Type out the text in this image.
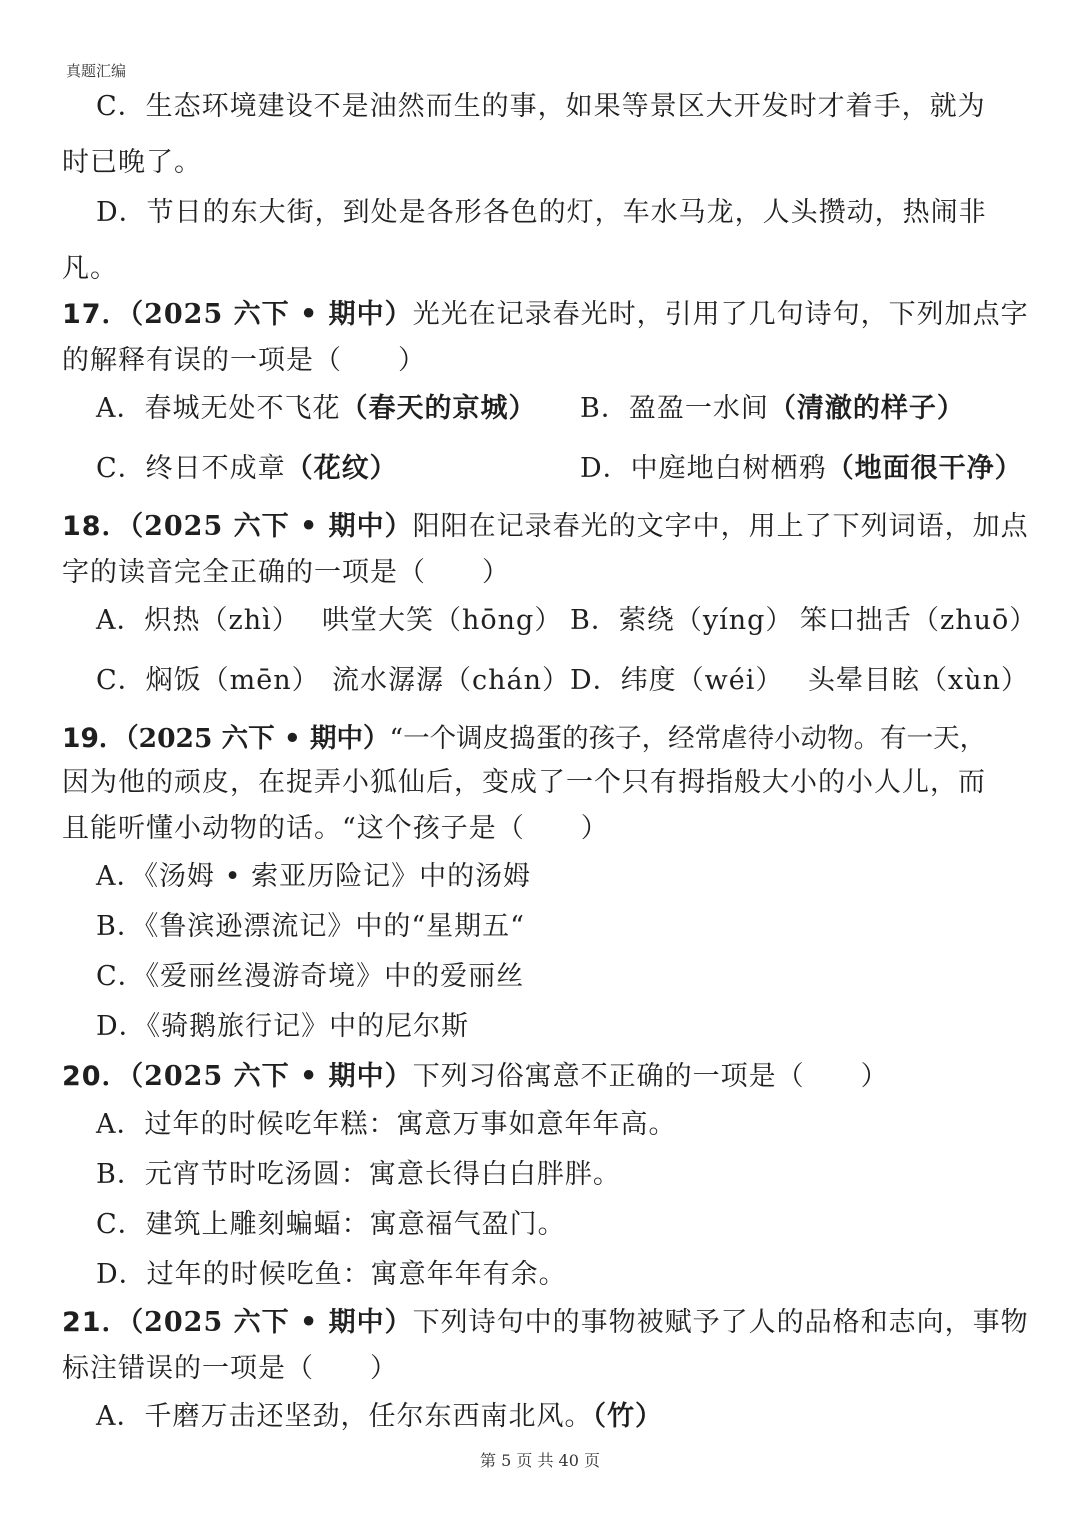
真题汇编
C．生态环境建设不是油然而生的事，如果等景区大开发时才着手，就为
时已晚了。
D．节日的东大街，到处是各形各色的灯，车水马龙，人头攒动，热闹非
凡。
17．（2025 六下 • 期中）光光在记录春光时，引用了几句诗句，下列加点字
的解释有误的一项是（　　）
A．春城无处不飞花（春天的京城） B．盈盈一水间（清澈的样子）
C．终日不成章（花纹）	D．中庭地白树栖鸦（地面很干净）
18．（2025 六下 • 期中）阳阳在记录春光的文字中，用上了下列词语，加点
字的读音完全正确的一项是（　　）
A．炽热（zhì） 哄堂大笑（hōng） B．萦绕（yíng） 笨口拙舌（zhuō）
C．焖饭（mēn） 流水潺潺（chán） D．纬度（wéi） 头晕目眩（xùn）
19．（2025 六下 • 期中）“一个调皮捣蛋的孩子，经常虐待小动物。有一天，
因为他的顽皮，在捉弄小狐仙后，变成了一个只有拇指般大小的小人儿，而
且能听懂小动物的话。“这个孩子是（　　）
A．《汤姆 • 索亚历险记》中的汤姆
B．《鲁滨逊漂流记》中的“星期五“
C．《爱丽丝漫游奇境》中的爱丽丝
D．《骑鹅旅行记》中的尼尔斯
20．（2025 六下 • 期中）下列习俗寓意不正确的一项是（　　）
A．过年的时候吃年糕：寓意万事如意年年高。
B．元宵节时吃汤圆：寓意长得白白胖胖。
C．建筑上雕刻蝙蝠：寓意福气盈门。
D．过年的时候吃鱼：寓意年年有余。
21．（2025 六下 • 期中）下列诗句中的事物被赋予了人的品格和志向，事物
标注错误的一项是（　　）
A．千磨万击还坚劲，任尔东西南北风。（竹）
第 5 页 共 40 页
